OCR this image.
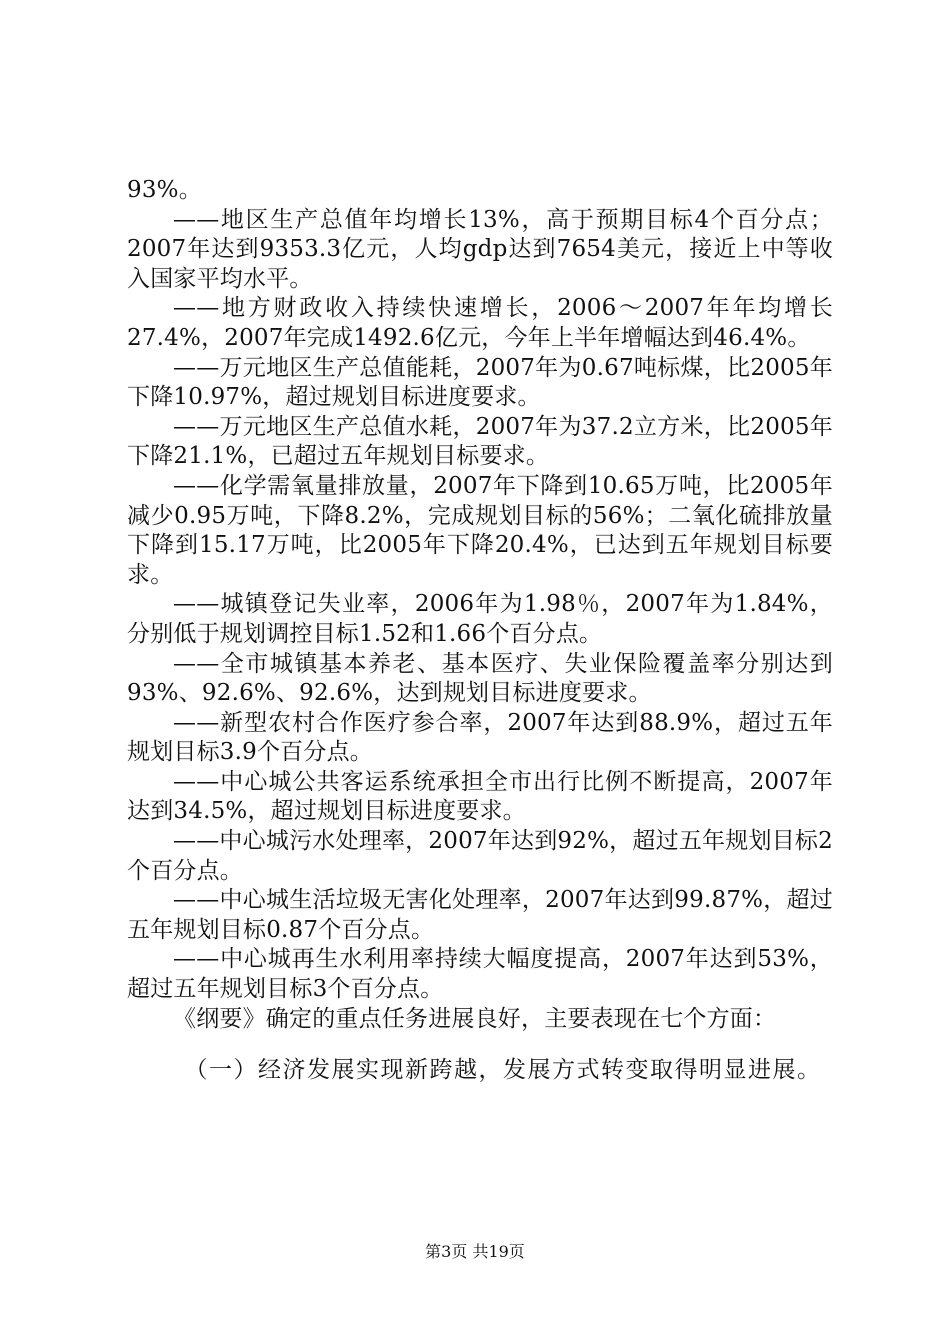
93%。

——地区生产总值年均增长13%，高于预期目标4个百分点；2007年达到9353.3亿元，人均gdp达到7654美元，接近上中等收入国家平均水平。

——地方财政收入持续快速增长，2006～2007年年均增长27.4%，2007年完成1492.6亿元，今年上半年增幅达到46.4%。

——万元地区生产总值能耗，2007年为0.67吨标煤，比2005年下降10.97%，超过规划目标进度要求。

——万元地区生产总值水耗，2007年为37.2立方米，比2005年下降21.1%，已超过五年规划目标要求。

——化学需氧量排放量，2007年下降到10.65万吨，比2005年减少0.95万吨，下降8.2%，完成规划目标的56%；二氧化硫排放量下降到15.17万吨，比2005年下降20.4%，已达到五年规划目标要求。

——城镇登记失业率，2006年为1.98％，2007年为1.84%，分别低于规划调控目标1.52和1.66个百分点。

——全市城镇基本养老、基本医疗、失业保险覆盖率分别达到93%、92.6%、92.6%，达到规划目标进度要求。

——新型农村合作医疗参合率，2007年达到88.9%，超过五年规划目标3.9个百分点。

——中心城公共客运系统承担全市出行比例不断提高，2007年达到34.5%，超过规划目标进度要求。

——中心城污水处理率，2007年达到92%，超过五年规划目标2个百分点。

——中心城生活垃圾无害化处理率，2007年达到99.87%，超过五年规划目标0.87个百分点。

——中心城再生水利用率持续大幅度提高，2007年达到53%，超过五年规划目标3个百分点。

《纲要》确定的重点任务进展良好，主要表现在七个方面：

（一）经济发展实现新跨越，发展方式转变取得明显进展。

第3页 共19页
